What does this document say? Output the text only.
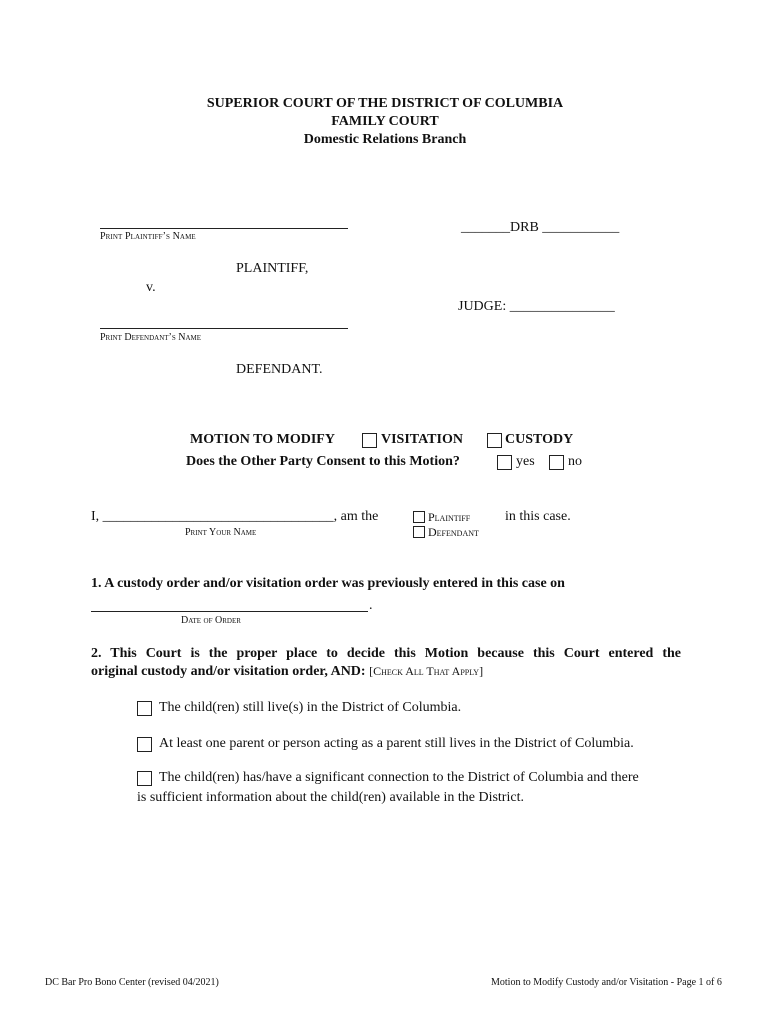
SUPERIOR COURT OF THE DISTRICT OF COLUMBIA
FAMILY COURT
Domestic Relations Branch
Print Plaintiff’s Name
_______DRB ___________
PLAINTIFF,
v.
JUDGE: _______________
Print Defendant’s Name
DEFENDANT.
MOTION TO MODIFY	VISITATION	CUSTODY
Does the Other Party Consent to this Motion?	yes no
I, _________________________________, am the
Print Your Name
Plaintiff
Defendant
in this case.
1. A custody order and/or visitation order was previously entered in this case on
.
Date of Order
2. This Court is the proper place to decide this Motion because this Court entered the
original custody and/or visitation order, AND: [Check All That Apply]
The child(ren) still live(s) in the District of Columbia.
At least one parent or person acting as a parent still lives in the District of Columbia.
The child(ren) has/have a significant connection to the District of Columbia and there
is sufficient information about the child(ren) available in the District.
DC Bar Pro Bono Center (revised 04/2021)	Motion to Modify Custody and/or Visitation - Page 1 of 6
